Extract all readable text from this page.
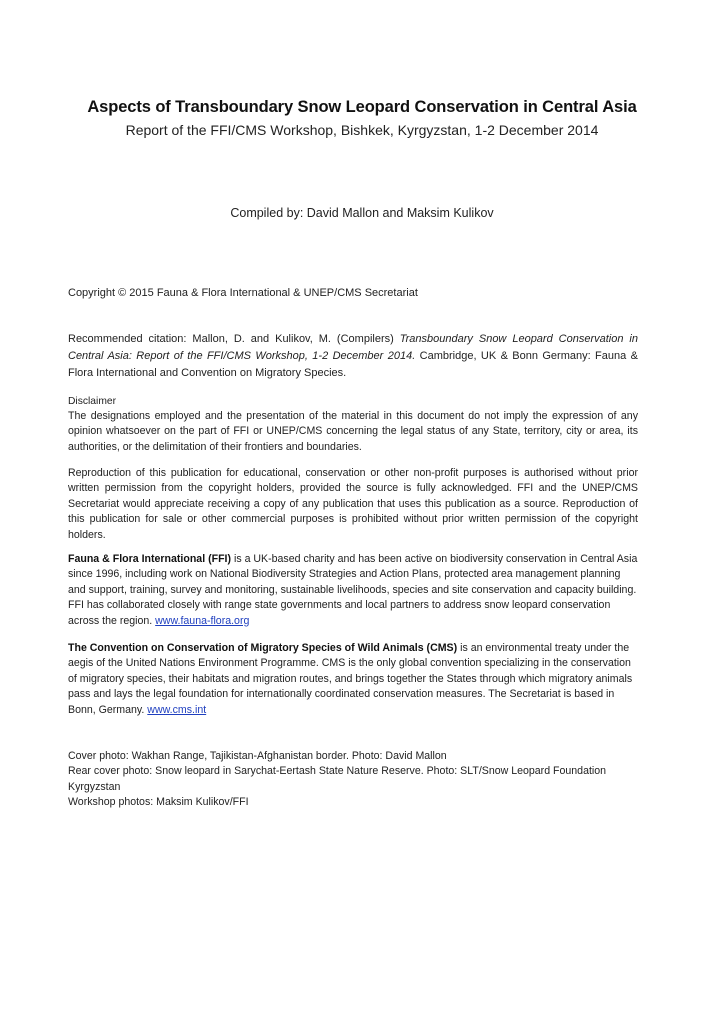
Aspects of Transboundary Snow Leopard Conservation in Central Asia
Report of the FFI/CMS Workshop, Bishkek, Kyrgyzstan, 1-2 December 2014
Compiled by: David Mallon and Maksim Kulikov
Copyright © 2015 Fauna & Flora International & UNEP/CMS Secretariat
Recommended citation: Mallon, D. and Kulikov, M. (Compilers) Transboundary Snow Leopard Conservation in Central Asia: Report of the FFI/CMS Workshop, 1-2 December 2014. Cambridge, UK & Bonn Germany: Fauna & Flora International and Convention on Migratory Species.
Disclaimer
The designations employed and the presentation of the material in this document do not imply the expression of any opinion whatsoever on the part of FFI or UNEP/CMS concerning the legal status of any State, territory, city or area, its authorities, or the delimitation of their frontiers and boundaries.
Reproduction of this publication for educational, conservation or other non-profit purposes is authorised without prior written permission from the copyright holders, provided the source is fully acknowledged. FFI and the UNEP/CMS Secretariat would appreciate receiving a copy of any publication that uses this publication as a source. Reproduction of this publication for sale or other commercial purposes is prohibited without prior written permission of the copyright holders.
Fauna & Flora International (FFI) is a UK-based charity and has been active on biodiversity conservation in Central Asia since 1996, including work on National Biodiversity Strategies and Action Plans, protected area management planning and support, training, survey and monitoring, sustainable livelihoods, species and site conservation and capacity building. FFI has collaborated closely with range state governments and local partners to address snow leopard conservation across the region. www.fauna-flora.org
The Convention on Conservation of Migratory Species of Wild Animals (CMS) is an environmental treaty under the aegis of the United Nations Environment Programme. CMS is the only global convention specializing in the conservation of migratory species, their habitats and migration routes, and brings together the States through which migratory animals pass and lays the legal foundation for internationally coordinated conservation measures. The Secretariat is based in Bonn, Germany. www.cms.int
Cover photo: Wakhan Range, Tajikistan-Afghanistan border. Photo: David Mallon
Rear cover photo: Snow leopard in Sarychat-Eertash State Nature Reserve. Photo: SLT/Snow Leopard Foundation Kyrgyzstan
Workshop photos: Maksim Kulikov/FFI
